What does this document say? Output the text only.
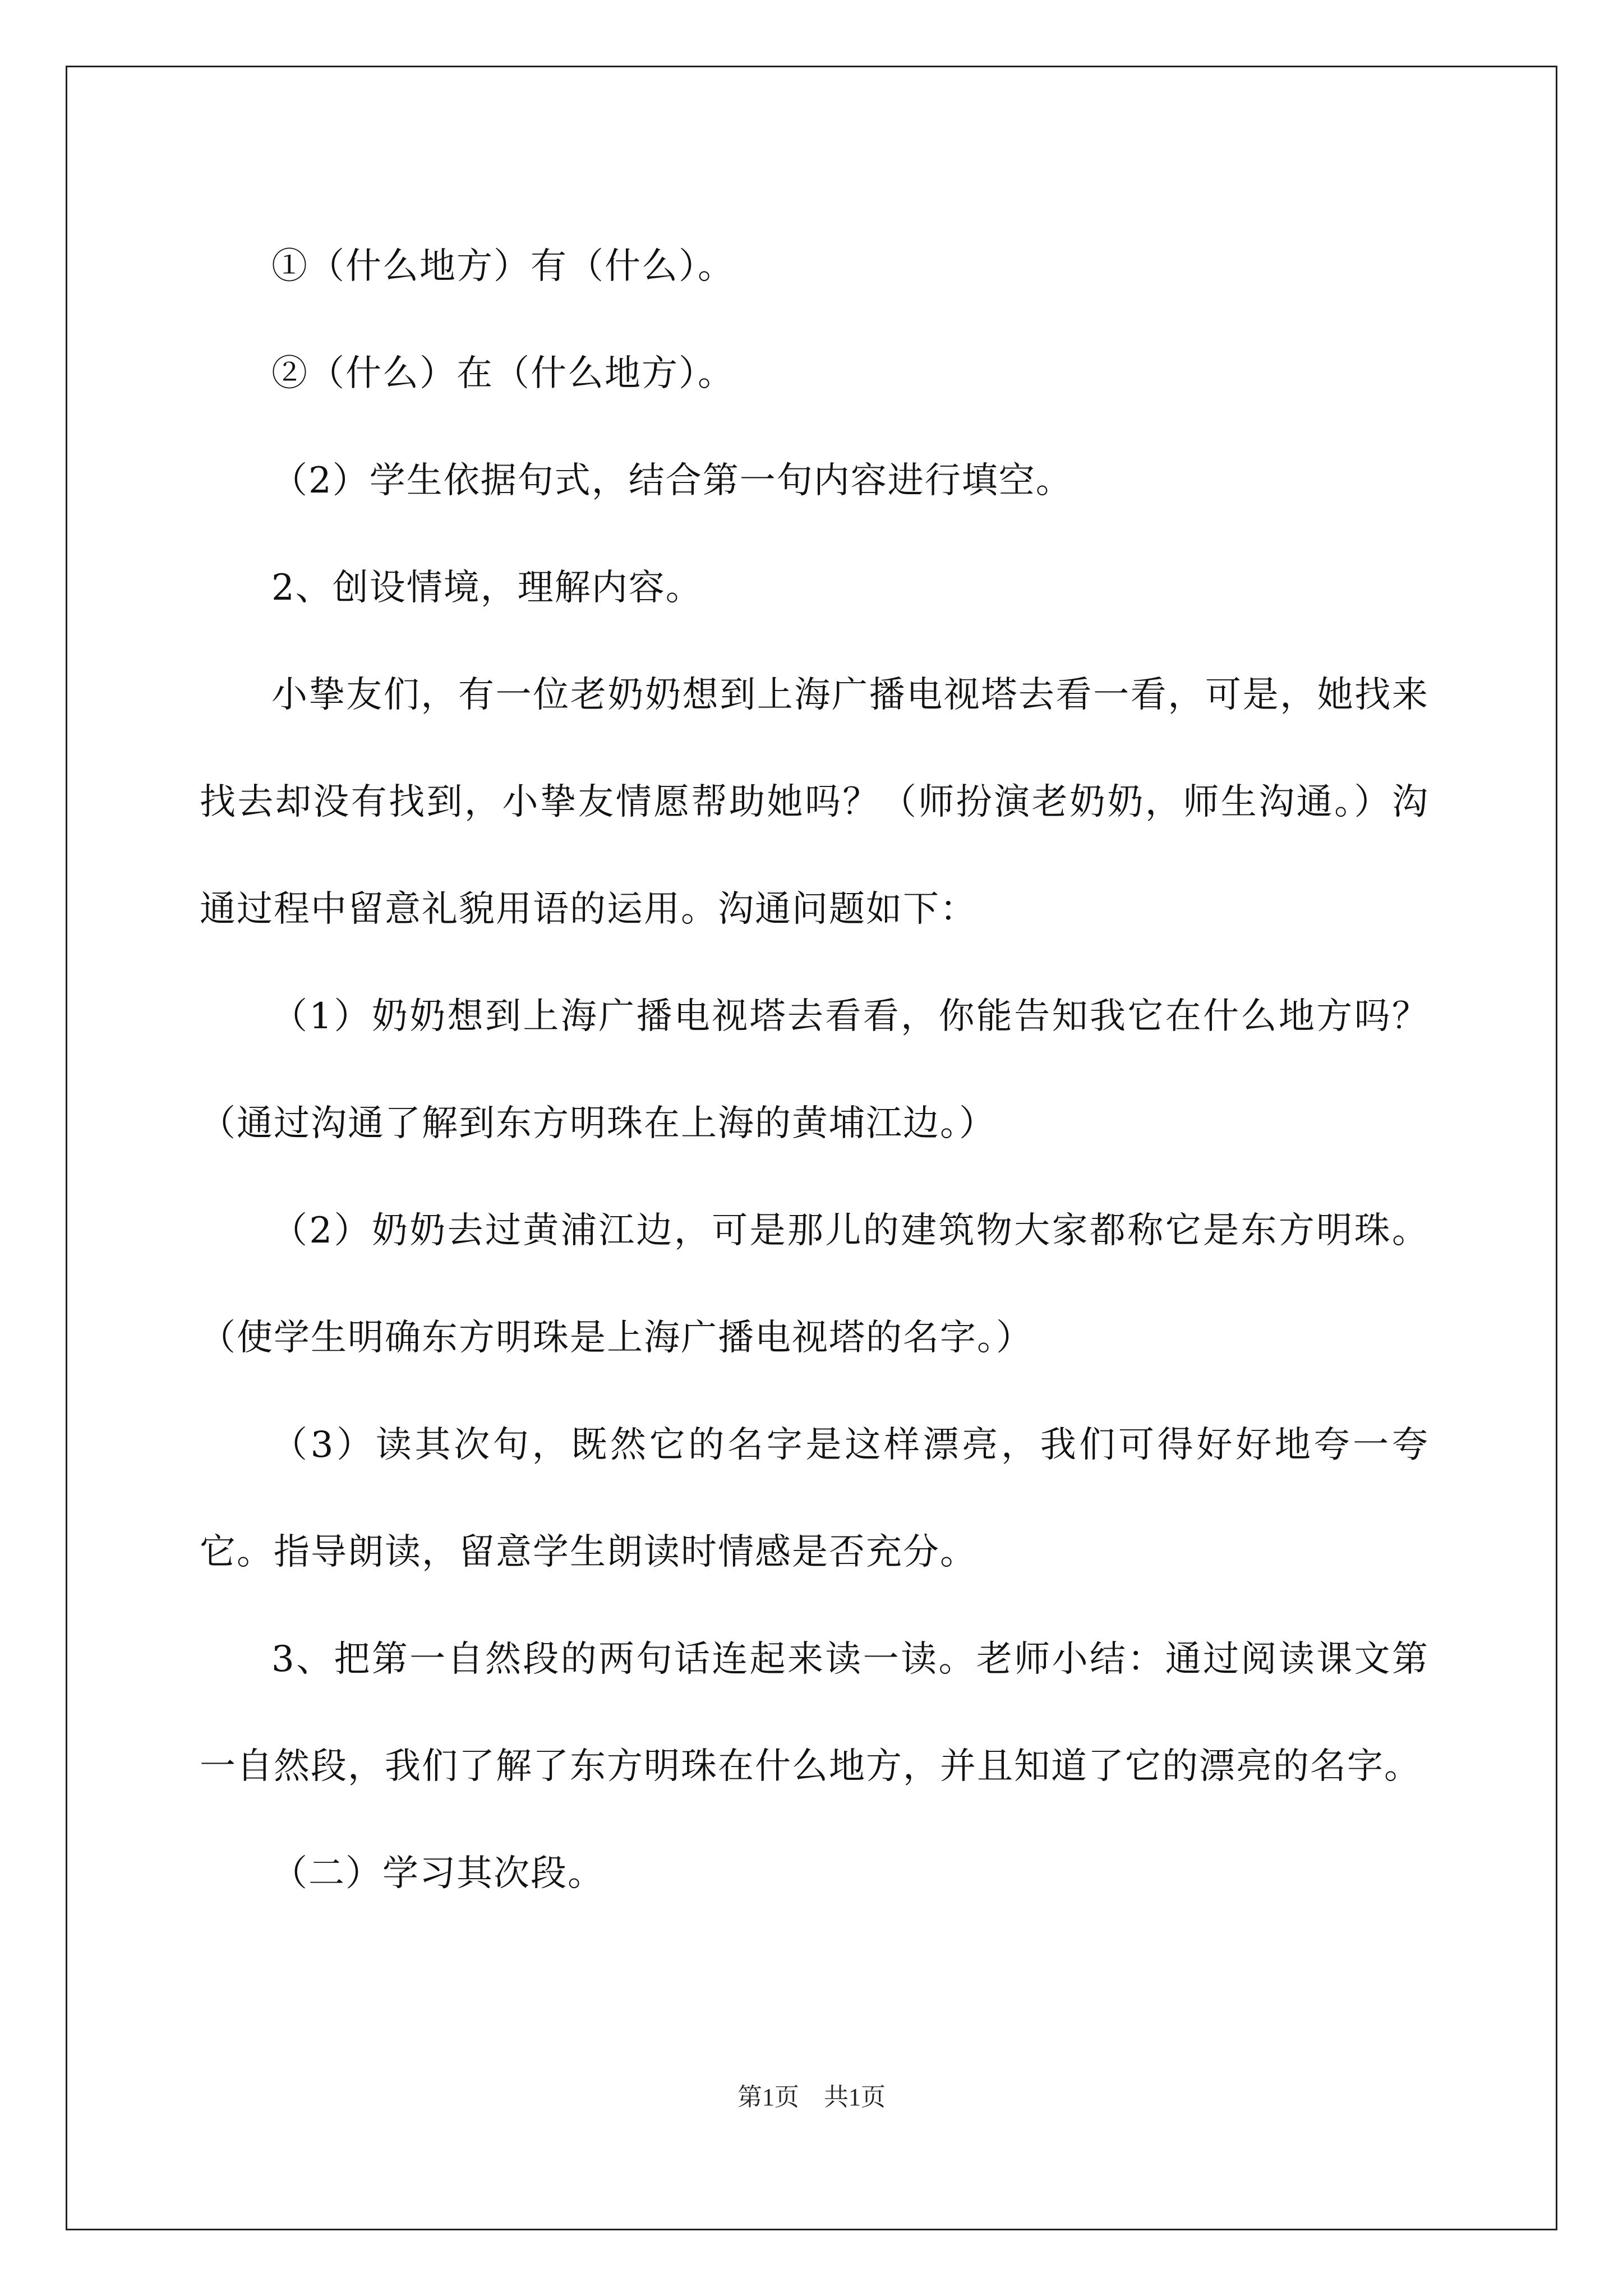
①（什么地方）有（什么）。

②（什么）在（什么地方）。

（2）学生依据句式，结合第一句内容进行填空。

2、创设情境，理解内容。

小挚友们，有一位老奶奶想到上海广播电视塔去看一看，可是，她找来找去却没有找到，小挚友情愿帮助她吗？（师扮演老奶奶，师生沟通。）沟通过程中留意礼貌用语的运用。沟通问题如下：

（1）奶奶想到上海广播电视塔去看看，你能告知我它在什么地方吗？（通过沟通了解到东方明珠在上海的黄埔江边。）

（2）奶奶去过黄浦江边，可是那儿的建筑物大家都称它是东方明珠。（使学生明确东方明珠是上海广播电视塔的名字。）

（3）读其次句，既然它的名字是这样漂亮，我们可得好好地夸一夸它。指导朗读，留意学生朗读时情感是否充分。

3、把第一自然段的两句话连起来读一读。老师小结：通过阅读课文第一自然段，我们了解了东方明珠在什么地方，并且知道了它的漂亮的名字。

（二）学习其次段。

第1页　共1页
